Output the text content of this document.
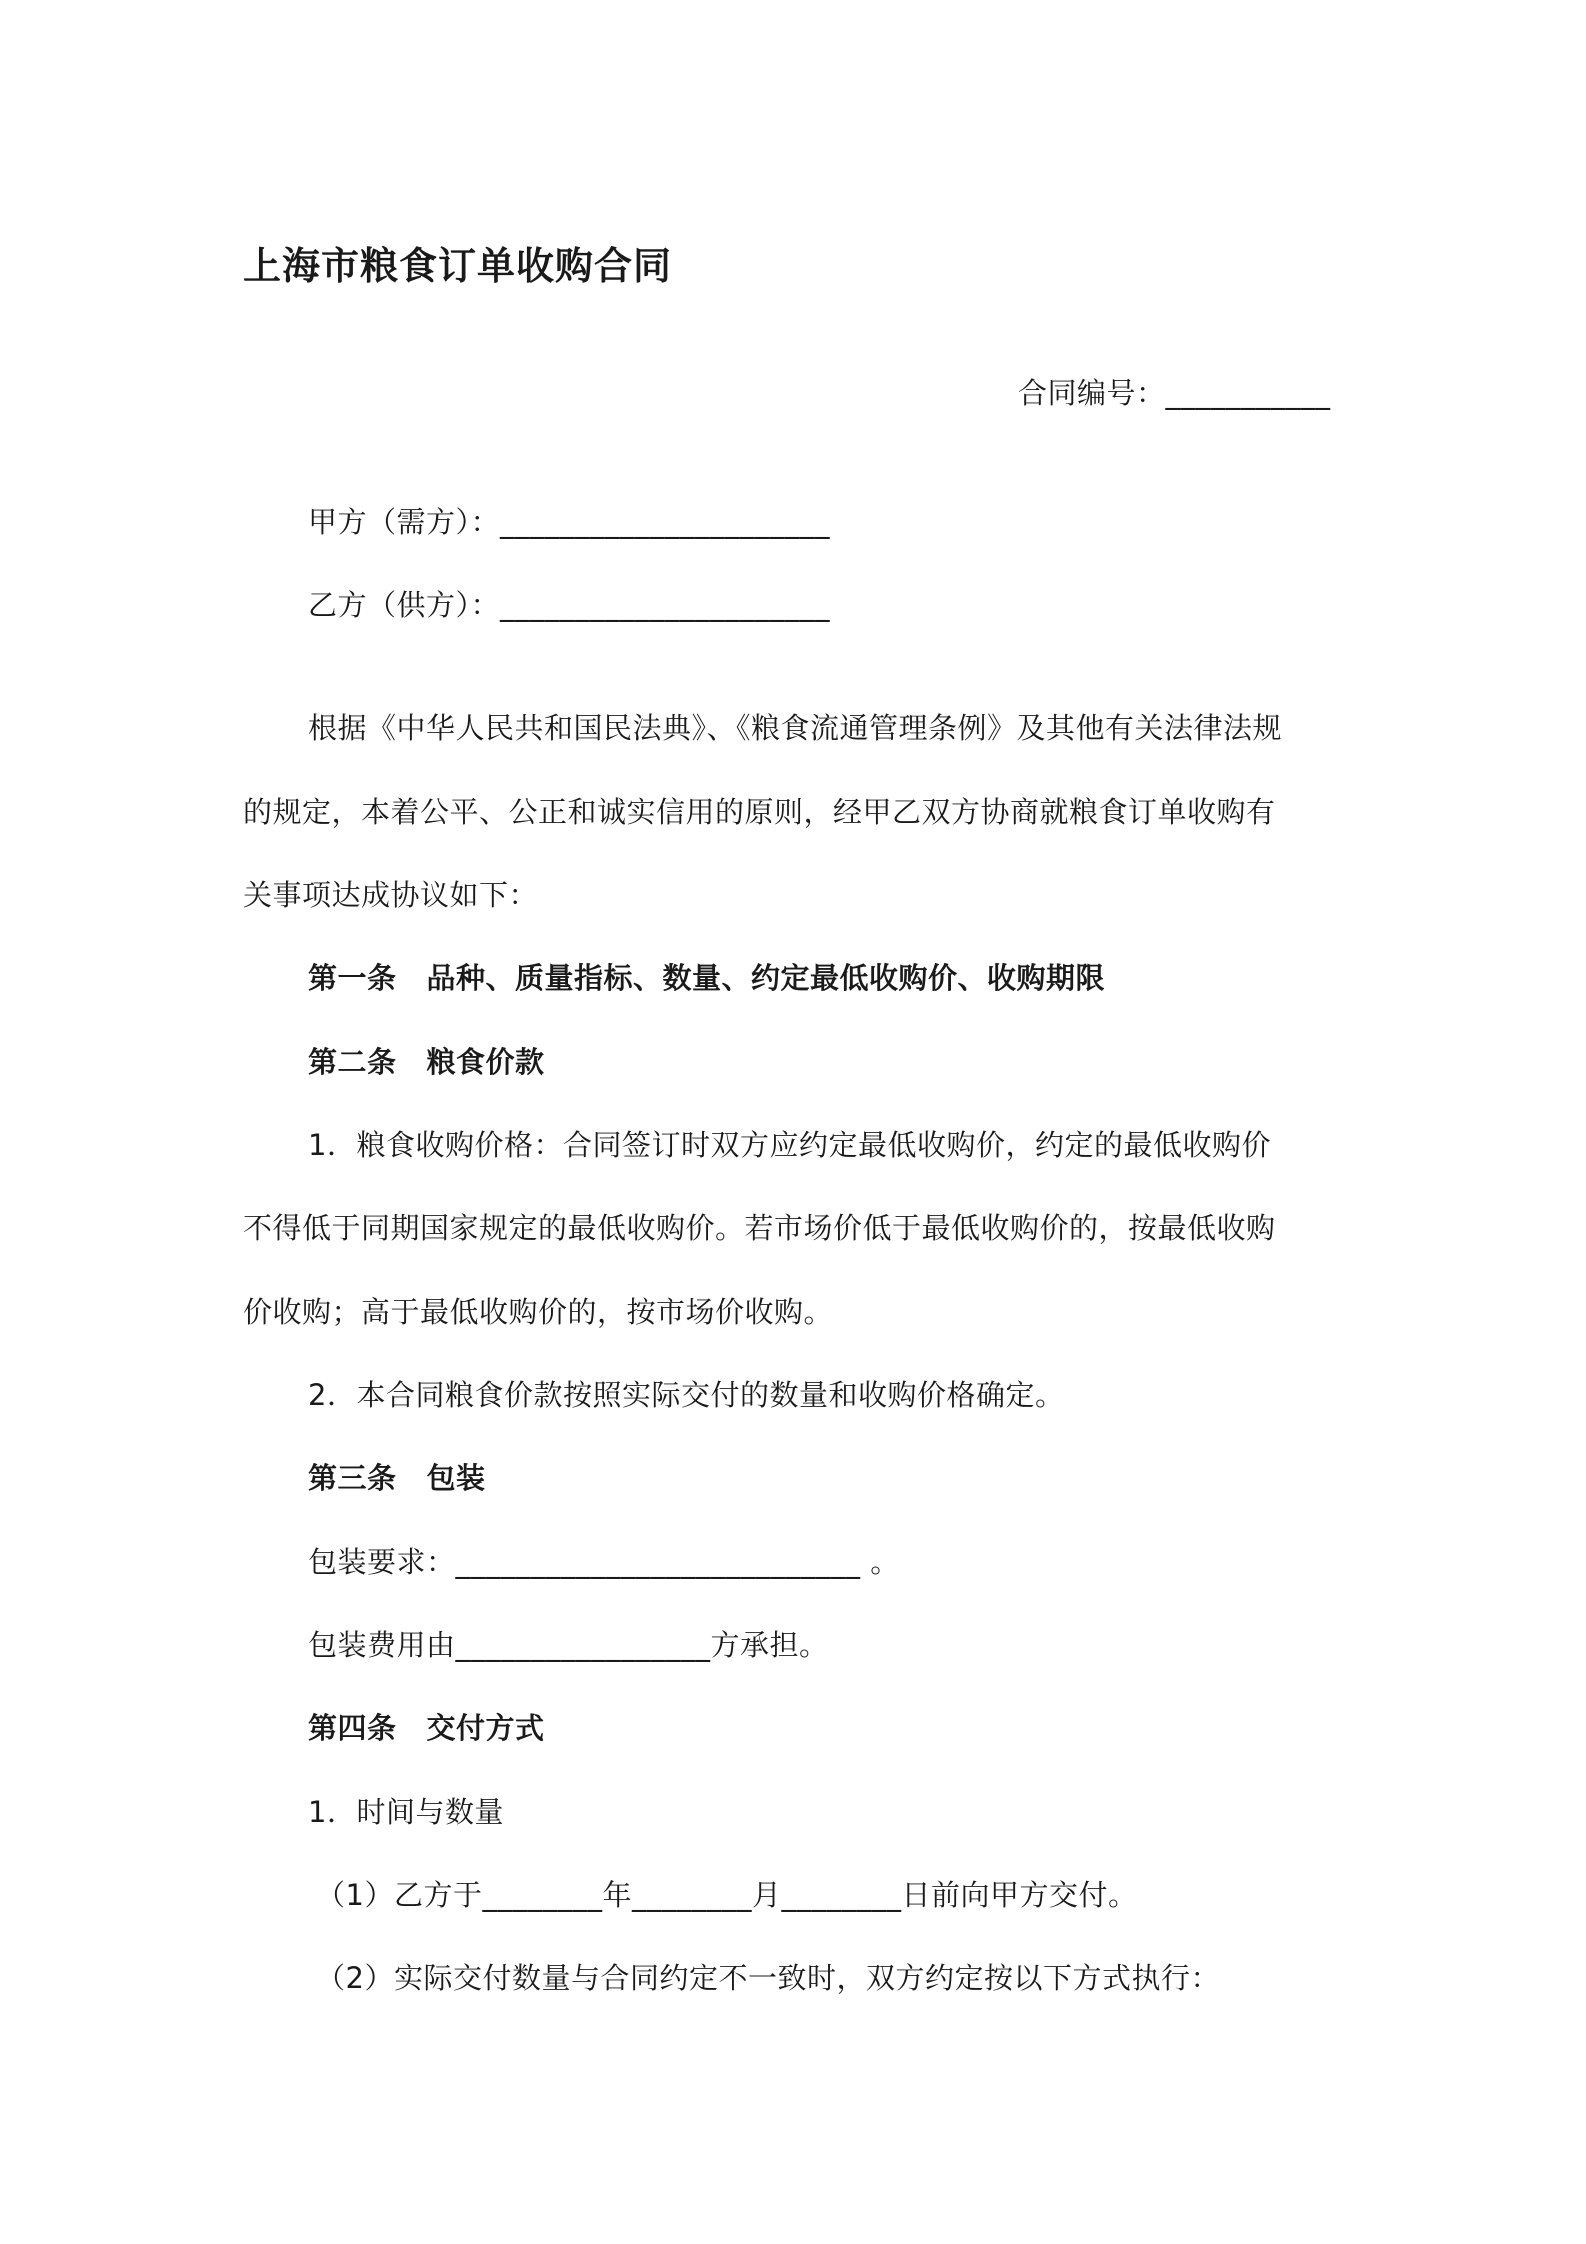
上海市粮食订单收购合同
合同编号：___________
甲方（需方）：______________________
乙方（供方）：______________________
根据《中华人民共和国民法典》、《粮食流通管理条例》及其他有关法律法规
的规定，本着公平、公正和诚实信用的原则，经甲乙双方协商就粮食订单收购有
关事项达成协议如下：
第一条 品种、质量指标、数量、约定最低收购价、收购期限
第二条 粮食价款
1．粮食收购价格：合同签订时双方应约定最低收购价，约定的最低收购价
不得低于同期国家规定的最低收购价。若市场价低于最低收购价的，按最低收购
价收购；高于最低收购价的，按市场价收购。
2．本合同粮食价款按照实际交付的数量和收购价格确定。
第三条 包装
包装要求：___________________________ 。
包装费用由_________________方承担。
第四条 交付方式
1．时间与数量
（1）乙方于________年________月________日前向甲方交付。
（2）实际交付数量与合同约定不一致时，双方约定按以下方式执行：
